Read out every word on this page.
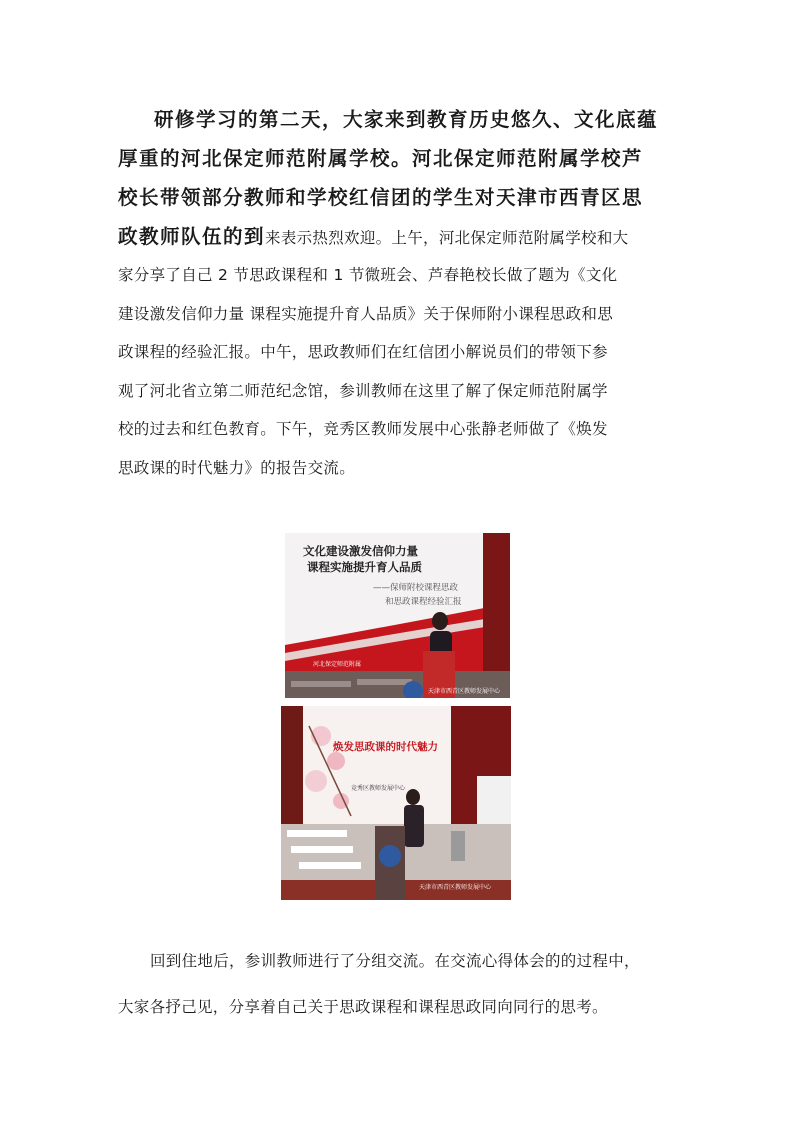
研修学习的第二天，大家来到教育历史悠久、文化底蕴
厚重的河北保定师范附属学校。河北保定师范附属学校芦
校长带领部分教师和学校红信团的学生对天津市西青区思
政教师队伍的到来表示热烈欢迎。上午，河北保定师范附属学校和大
家分享了自己 2 节思政课程和 1 节微班会、芦春艳校长做了题为《文化
建设激发信仰力量 课程实施提升育人品质》关于保师附小课程思政和思
政课程的经验汇报。中午，思政教师们在红信团小解说员们的带领下参
观了河北省立第二师范纪念馆，参训教师在这里了解了保定师范附属学
校的过去和红色教育。下午，竞秀区教师发展中心张静老师做了《焕发
思政课的时代魅力》的报告交流。
文化建设激发信仰力量
课程实施提升育人品质
——保师附校课程思政
和思政课程经验汇报
河北保定师范附属
天津市西青区教师发展中心
焕发思政课的时代魅力
竞秀区教师发展中心
天津市西青区教师发展中心
回到住地后，参训教师进行了分组交流。在交流心得体会的的过程中，
大家各抒己见，分享着自己关于思政课程和课程思政同向同行的思考。
